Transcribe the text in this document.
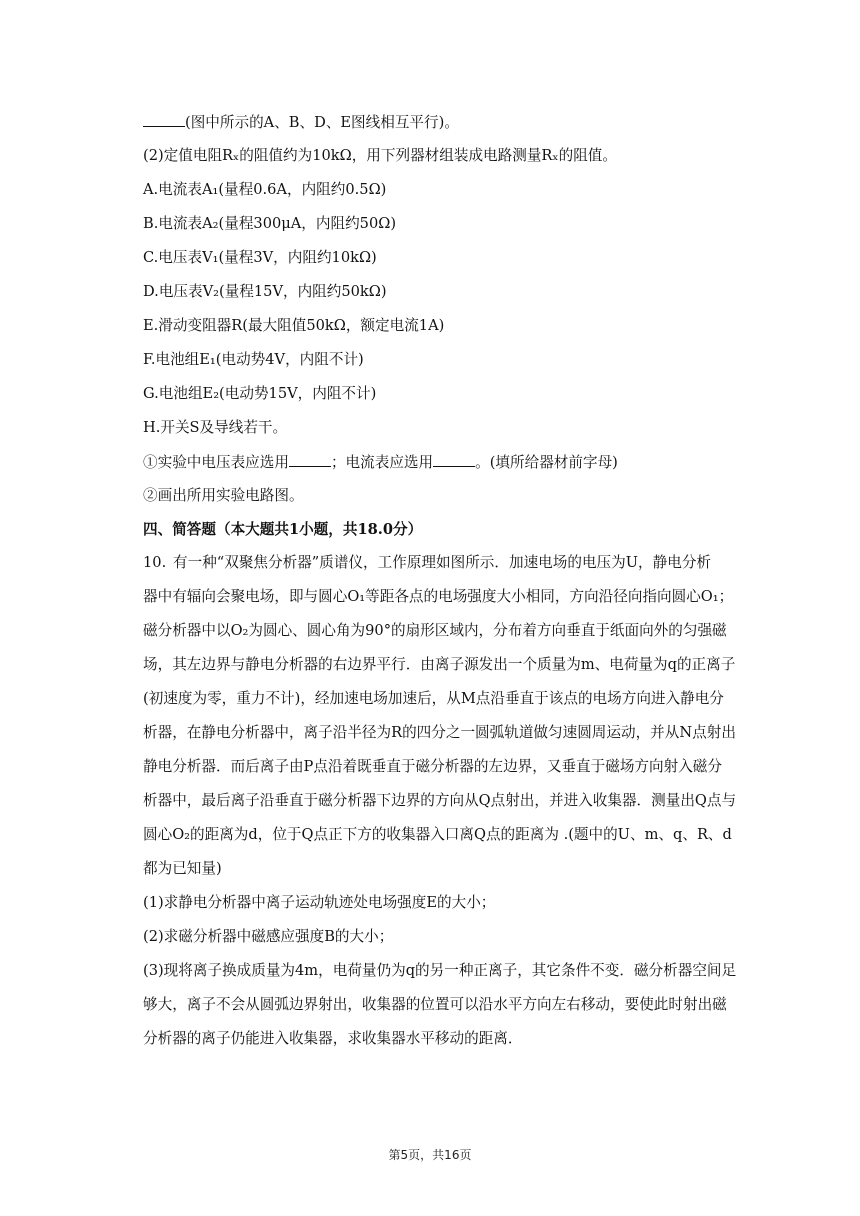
(图中所示的A、B、D、E图线相互平行)。
(2)定值电阻Rₓ的阻值约为10kΩ，用下列器材组装成电路测量Rₓ的阻值。
A.电流表A₁(量程0.6A，内阻约0.5Ω)
B.电流表A₂(量程300μA，内阻约50Ω)
C.电压表V₁(量程3V，内阻约10kΩ)
D.电压表V₂(量程15V，内阻约50kΩ)
E.滑动变阻器R(最大阻值50kΩ，额定电流1A)
F.电池组E₁(电动势4V，内阻不计)
G.电池组E₂(电动势15V，内阻不计)
H.开关S及导线若干。
①实验中电压表应选用	；电流表应选用	。(填所给器材前字母)
②画出所用实验电路图。
四、简答题（本大题共1小题，共18.0分）
10. 有一种“双聚焦分析器”质谱仪，工作原理如图所示．加速电场的电压为U，静电分析
器中有辐向会聚电场，即与圆心O₁等距各点的电场强度大小相同，方向沿径向指向圆心O₁；
磁分析器中以O₂为圆心、圆心角为90°的扇形区域内，分布着方向垂直于纸面向外的匀强磁
场，其左边界与静电分析器的右边界平行．由离子源发出一个质量为m、电荷量为q的正离子
(初速度为零，重力不计)，经加速电场加速后，从M点沿垂直于该点的电场方向进入静电分
析器，在静电分析器中，离子沿半径为R的四分之一圆弧轨道做匀速圆周运动，并从N点射出
静电分析器．而后离子由P点沿着既垂直于磁分析器的左边界，又垂直于磁场方向射入磁分
析器中，最后离子沿垂直于磁分析器下边界的方向从Q点射出，并进入收集器．测量出Q点与
圆心O₂的距离为d，位于Q点正下方的收集器入口离Q点的距离为 .(题中的U、m、q、R、d
都为已知量)
(1)求静电分析器中离子运动轨迹处电场强度E的大小；
(2)求磁分析器中磁感应强度B的大小；
(3)现将离子换成质量为4m，电荷量仍为q的另一种正离子，其它条件不变．磁分析器空间足
够大，离子不会从圆弧边界射出，收集器的位置可以沿水平方向左右移动，要使此时射出磁
分析器的离子仍能进入收集器，求收集器水平移动的距离．
第5页，共16页
